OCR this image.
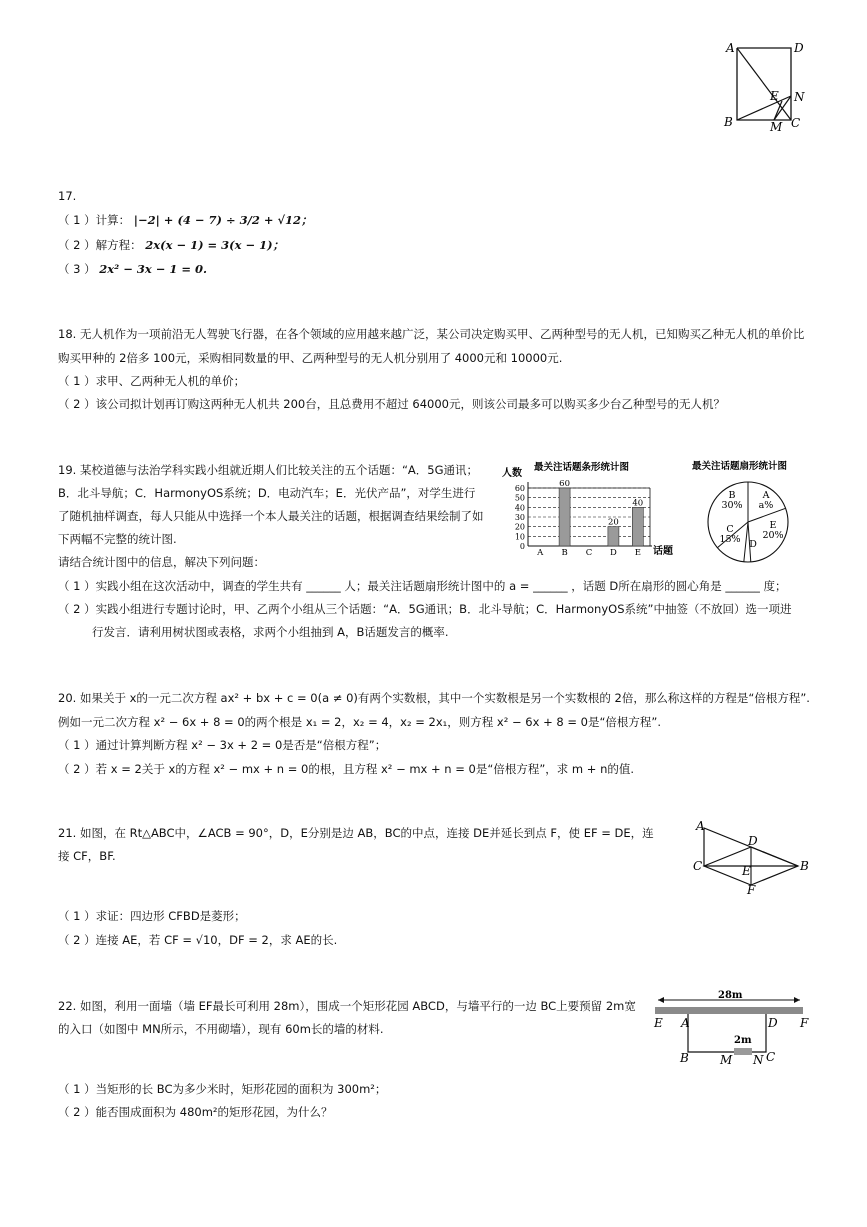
A	D
E N
B	M C
17.
（ 1 ）计算： |−2| + (4 − 7) ÷ 3/2 + √12；
（ 2 ）解方程： 2x(x − 1) = 3(x − 1)；
（ 3 ） 2x² − 3x − 1 = 0.
18. 无人机作为一项前沿无人驾驶飞行器，在各个领域的应用越来越广泛，某公司决定购买甲、乙两种型号的无人机，已知购买乙种无人机的单价比
购买甲种的 2倍多 100元，采购相同数量的甲、乙两种型号的无人机分别用了 4000元和 10000元.
（ 1 ）求甲、乙两种无人机的单价；
（ 2 ）该公司拟计划再订购这两种无人机共 200台，且总费用不超过 64000元，则该公司最多可以购买多少台乙种型号的无人机？
19. 某校道德与法治学科实践小组就近期人们比较关注的五个话题：“A．5G通讯；
B．北斗导航；C．HarmonyOS系统；D．电动汽车；E．光伏产品”，对学生进行
了随机抽样调查，每人只能从中选择一个本人最关注的话题，根据调查结果绘制了如
下两幅不完整的统计图.
请结合统计图中的信息，解决下列问题：
（ 1 ）实践小组在这次活动中，调查的学生共有 ______ 人；最关注话题扇形统计图中的 a = ______ ，话题 D所在扇形的圆心角是 ______ 度；
（ 2 ）实践小组进行专题讨论时，甲、乙两个小组从三个话题：“A．5G通讯；B．北斗导航；C．HarmonyOS系统”中抽签（不放回）选一项进
行发言．请利用树状图或表格，求两个小组抽到 A，B话题发言的概率.
人数
最关注话题条形统计图
话题
0
10
20
30
40
50
60
A B
60
C D
20
E
40
最关注话题扇形统计图
A
a%
B
30%
C
15% D
E
20%
20. 如果关于 x的一元二次方程 ax² + bx + c = 0(a ≠ 0)有两个实数根，其中一个实数根是另一个实数根的 2倍，那么称这样的方程是“倍根方程”.
例如一元二次方程 x² − 6x + 8 = 0的两个根是 x₁ = 2，x₂ = 4，x₂ = 2x₁，则方程 x² − 6x + 8 = 0是“倍根方程”.
（ 1 ）通过计算判断方程 x² − 3x + 2 = 0是否是“倍根方程”；
（ 2 ）若 x = 2关于 x的方程 x² − mx + n = 0的根，且方程 x² − mx + n = 0是“倍根方程”，求 m + n的值.
21. 如图，在 Rt△ABC中，∠ACB = 90°，D，E分别是边 AB，BC的中点，连接 DE并延长到点 F，使 EF = DE，连
接 CF，BF.
（ 1 ）求证：四边形 CFBD是菱形；
（ 2 ）连接 AE，若 CF = √10，DF = 2，求 AE的长.
A
D
C	E	B
F
22. 如图，利用一面墙（墙 EF最长可利用 28m），围成一个矩形花园 ABCD，与墙平行的一边 BC上要预留 2m宽
的入口（如图中 MN所示，不用砌墙），现有 60m长的墙的材料.
（ 1 ）当矩形的长 BC为多少米时，矩形花园的面积为 300m²；
（ 2 ）能否围成面积为 480m²的矩形花园，为什么？
28m
2m
E A	D F
B	M N C
